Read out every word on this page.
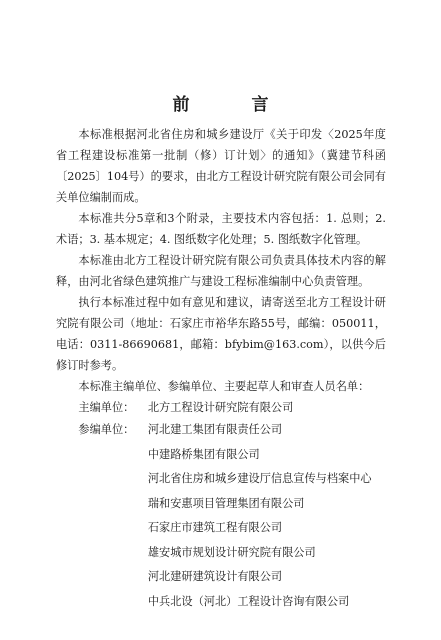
前 言

本标准根据河北省住房和城乡建设厅《关于印发〈2025年度省工程建设标准第一批制（修）订计划〉的通知》（冀建节科函〔2025〕104号）的要求，由北方工程设计研究院有限公司会同有关单位编制而成。

本标准共分5章和3个附录，主要技术内容包括：1. 总则；2. 术语；3. 基本规定；4. 图纸数字化处理；5. 图纸数字化管理。

本标准由北方工程设计研究院有限公司负责具体技术内容的解释，由河北省绿色建筑推广与建设工程标准编制中心负责管理。

执行本标准过程中如有意见和建议，请寄送至北方工程设计研究院有限公司（地址：石家庄市裕华东路55号，邮编：050011，电话：0311-86690681，邮箱：bfybim@163.com），以供今后修订时参考。

本标准主编单位、参编单位、主要起草人和审查人员名单：

主编单位：	北方工程设计研究院有限公司
参编单位：	河北建工集团有限责任公司
中建路桥集团有限公司
河北省住房和城乡建设厅信息宣传与档案中心
瑞和安惠项目管理集团有限公司
石家庄市建筑工程有限公司
雄安城市规划设计研究院有限公司
河北建研建筑设计有限公司
中兵北设（河北）工程设计咨询有限公司
